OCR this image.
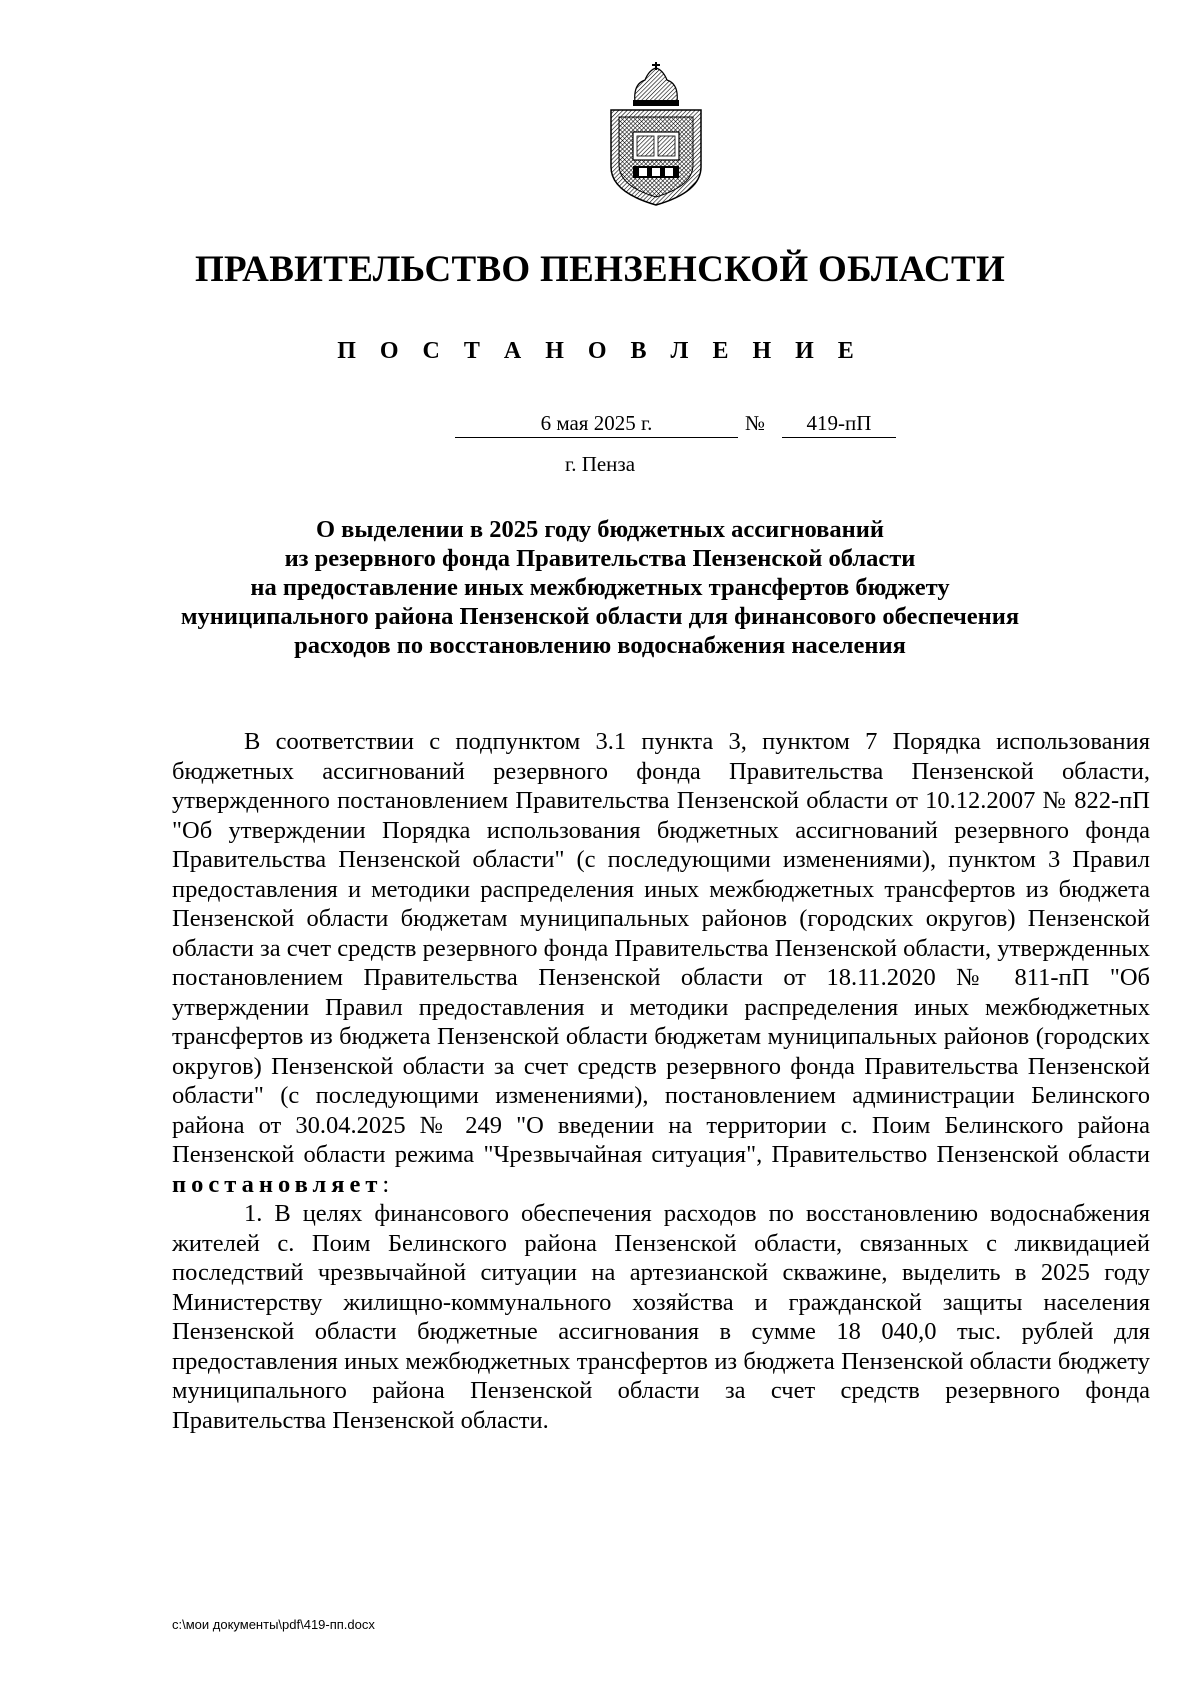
ПРАВИТЕЛЬСТВО ПЕНЗЕНСКОЙ ОБЛАСТИ
П О С Т А Н О В Л Е Н И Е
6 мая 2025 г.	№	419-пП
г. Пенза
О выделении в 2025 году бюджетных ассигнований
из резервного фонда Правительства Пензенской области
на предоставление иных межбюджетных трансфертов бюджету
муниципального района Пензенской области для финансового обеспечения
расходов по восстановлению водоснабжения населения

В соответствии с подпунктом 3.1 пункта 3, пунктом 7 Порядка использования бюджетных ассигнований резервного фонда Правительства Пензенской области, утвержденного постановлением Правительства Пензенской области от 10.12.2007 № 822-пП "Об утверждении Порядка использования бюджетных ассигнований резервного фонда Правительства Пензенской области" (с последующими изменениями), пунктом 3 Правил предоставления и методики распределения иных межбюджетных трансфертов из бюджета Пензенской области бюджетам муниципальных районов (городских округов) Пензенской области за счет средств резервного фонда Правительства Пензенской области, утвержденных постановлением Правительства Пензенской области от 18.11.2020 № 811-пП "Об утверждении Правил предоставления и методики распределения иных межбюджетных трансфертов из бюджета Пензенской области бюджетам муниципальных районов (городских округов) Пензенской области за счет средств резервного фонда Правительства Пензенской области" (с последующими изменениями), постановлением администрации Белинского района от 30.04.2025 № 249 "О введении на территории с. Поим Белинского района Пензенской области режима "Чрезвычайная ситуация", Правительство Пензенской области

постановляет:

1. В целях финансового обеспечения расходов по восстановлению водоснабжения жителей с. Поим Белинского района Пензенской области, связанных с ликвидацией последствий чрезвычайной ситуации на артезианской скважине, выделить в 2025 году Министерству жилищно-коммунального хозяйства и гражданской защиты населения Пензенской области бюджетные ассигнования в сумме 18 040,0 тыс. рублей для предоставления иных межбюджетных трансфертов из бюджета Пензенской области бюджету муниципального района Пензенской области за счет средств резервного фонда Правительства Пензенской области.

c:\мои документы\pdf\419-пп.docx
